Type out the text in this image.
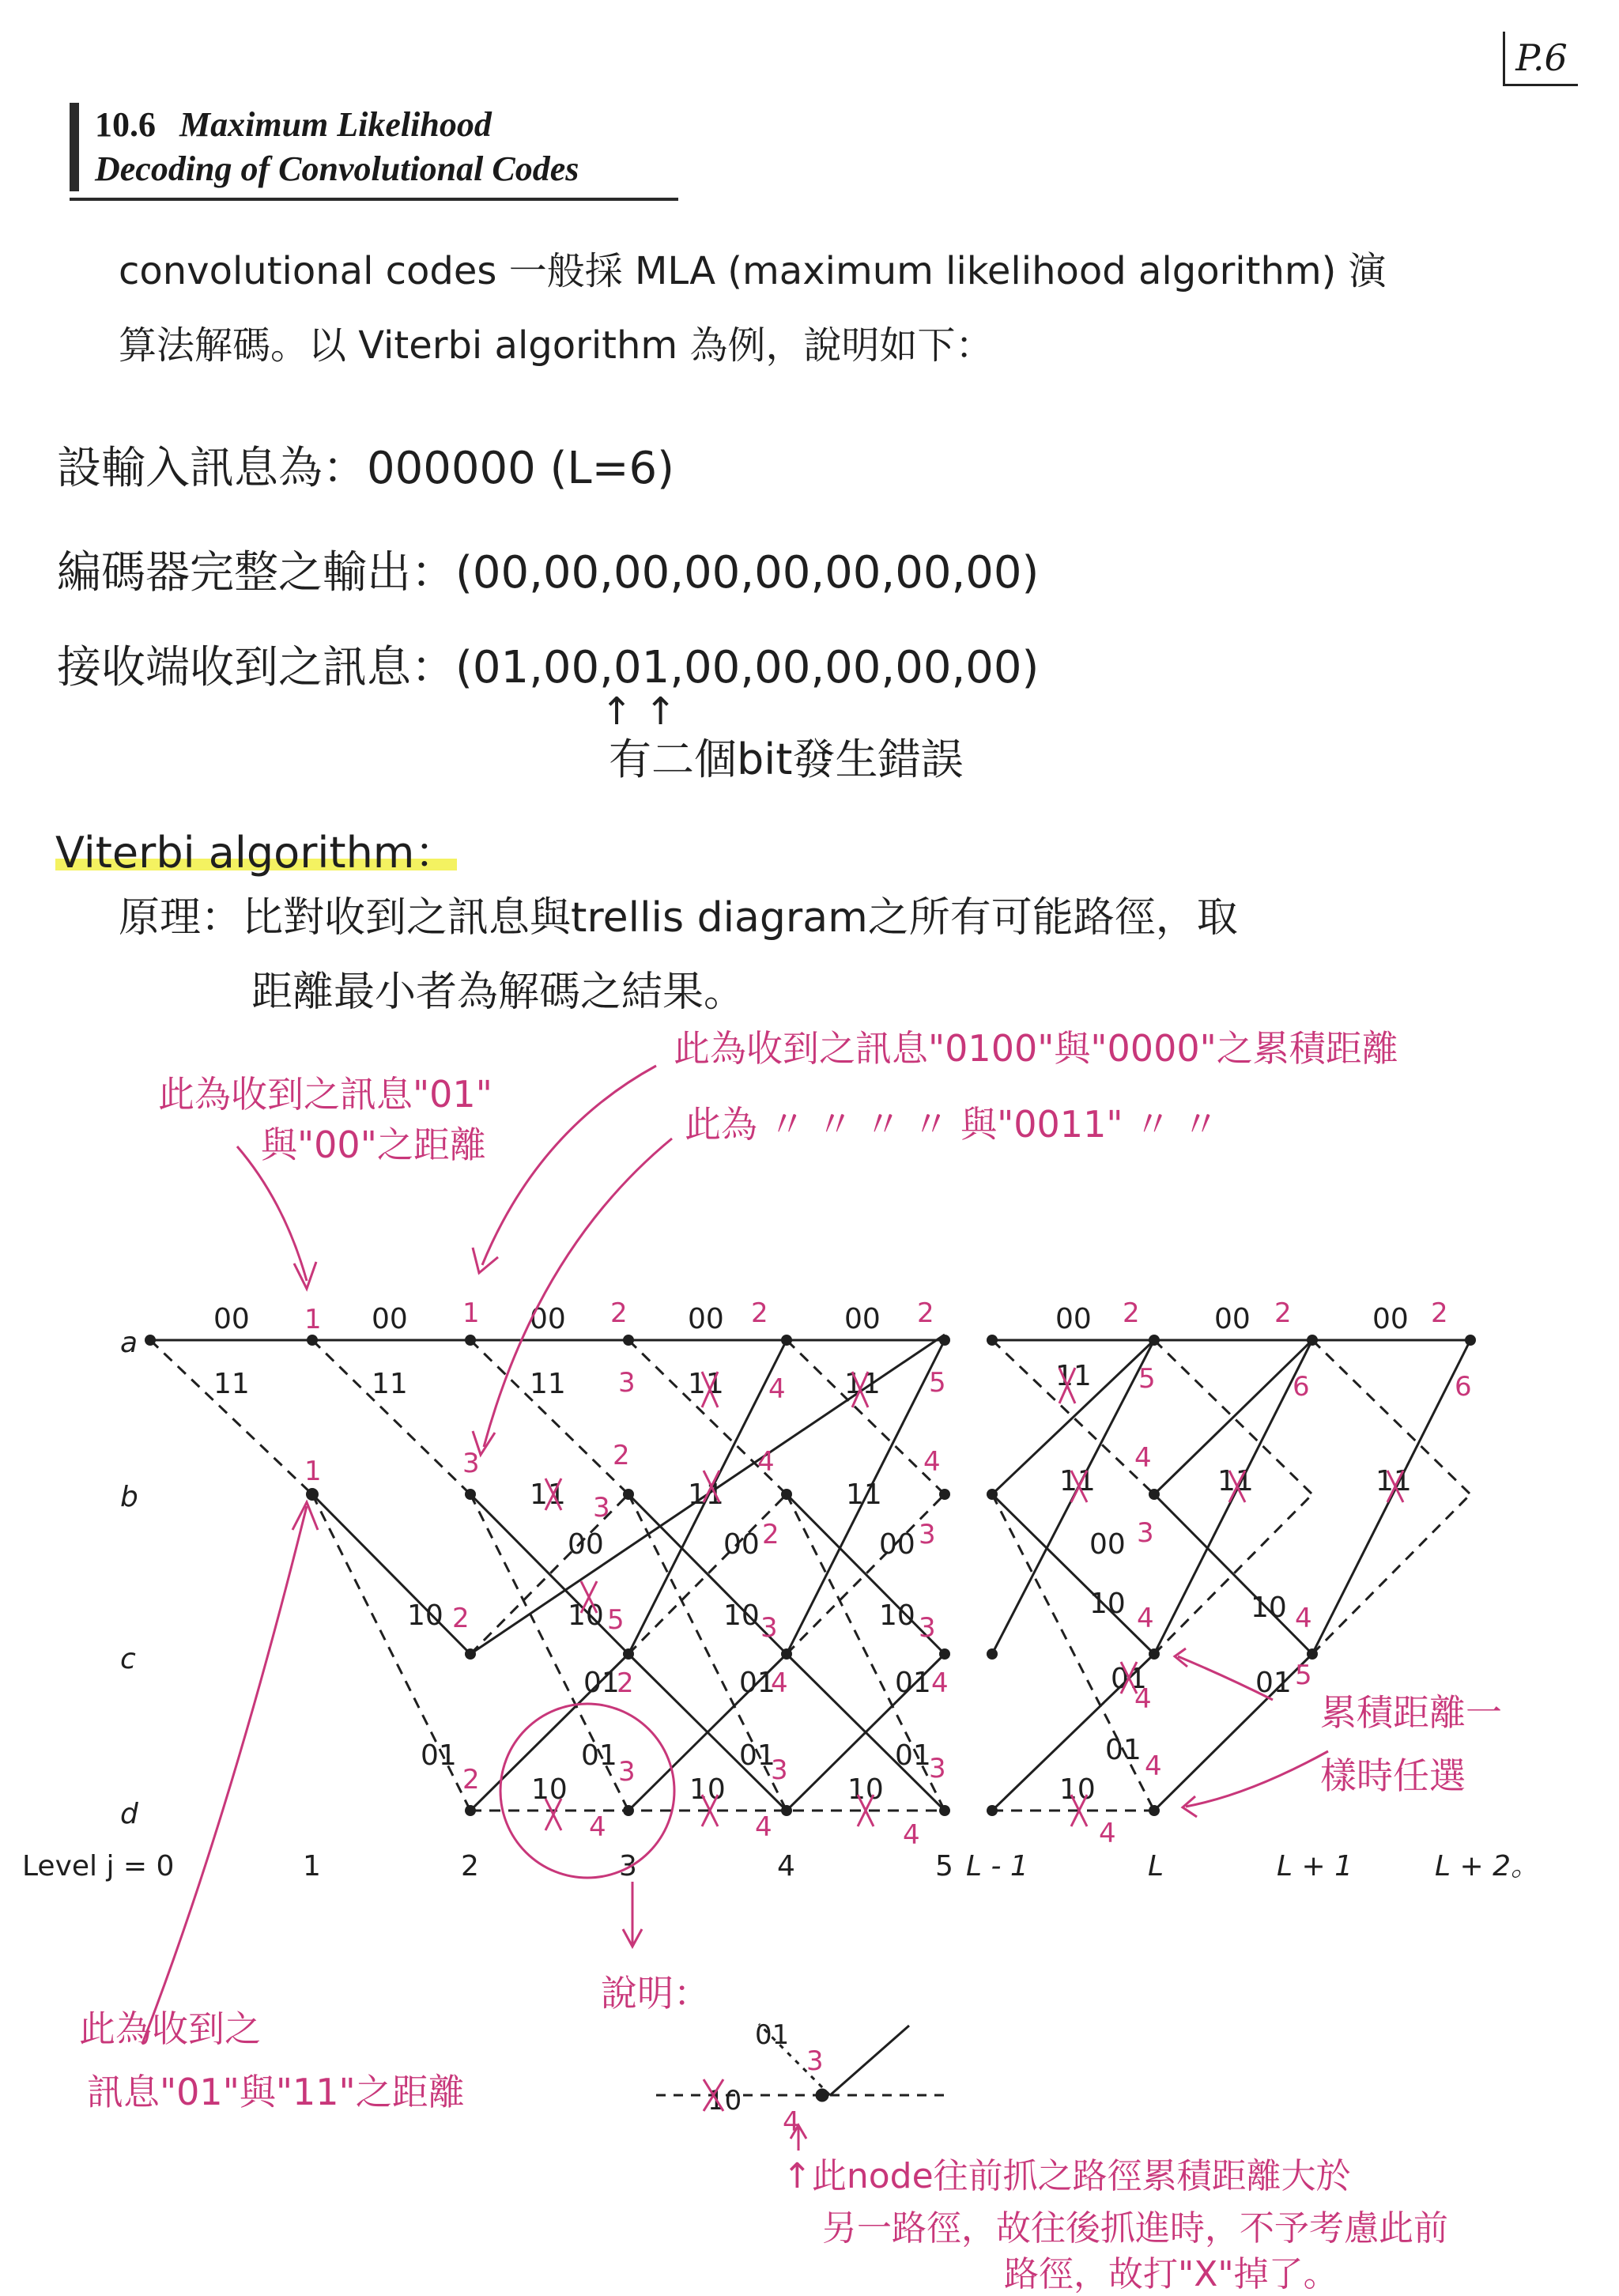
P.6
10.6 Maximum Likelihood
Decoding of Convolutional Codes
convolutional codes 一般採 MLA (maximum likelihood algorithm) 演
算法解碼。以 Viterbi algorithm 為例，說明如下：
設輸入訊息為：000000 (L=6)
編碼器完整之輸出：(00,00,00,00,00,00,00,00)
接收端收到之訊息：(01,00,01,00,00,00,00,00)
↑ ↑
有二個bit發生錯誤
Viterbi algorithm：
原理：比對收到之訊息與trellis diagram之所有可能路徑，取
距離最小者為解碼之結果。
此為收到之訊息"01"
與"00"之距離
此為收到之訊息"0100"與"0000"之累積距離
此為 〃 〃 〃 〃 與"0011" 〃 〃
a
b
c
d
Level j = 0	1	2	3	4	5 L - 1	L	L + 1	L + 2。
00	00	00	00	00	00	00	00
11	11	11	11	11	11
11	11	11	11	11	11
00	00	00	00
10	10	10	10	10	10
01	01	01	01	01
01	01	01	01	01
10	10	10	10
1	1	2	2	2	2	2	2
3	4	5	5	6	6
1	3	2	4	4	4
3
2	3	3
2	5	3	3	4	4
2	4	4	4
5
2	3	3	3	4
4	4	4	4
3
4
01
10
此為收到之
訊息"01"與"11"之距離
累積距離一
樣時任選
說明：
↑此node往前抓之路徑累積距離大於
另一路徑，故往後抓進時，不予考慮此前
路徑，故打"X"掉了。
